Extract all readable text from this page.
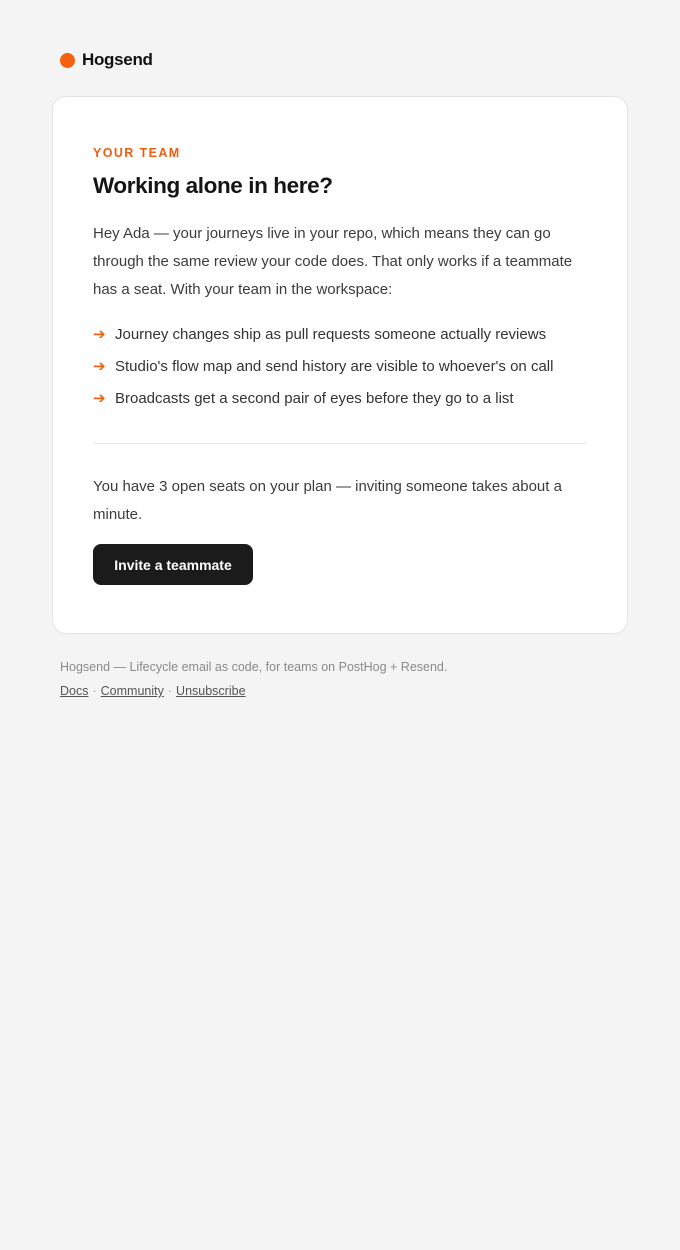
Hogsend
YOUR TEAM
Working alone in here?

Hey Ada — your journeys live in your repo, which means they can go through the same review your code does. That only works if a teammate has a seat. With your team in the workspace:

➔ Journey changes ship as pull requests someone actually reviews
➔ Studio's flow map and send history are visible to whoever's on call
➔ Broadcasts get a second pair of eyes before they go to a list

You have 3 open seats on your plan — inviting someone takes about a minute.

Invite a teammate
Hogsend — Lifecycle email as code, for teams on PostHog + Resend.
Docs · Community · Unsubscribe
